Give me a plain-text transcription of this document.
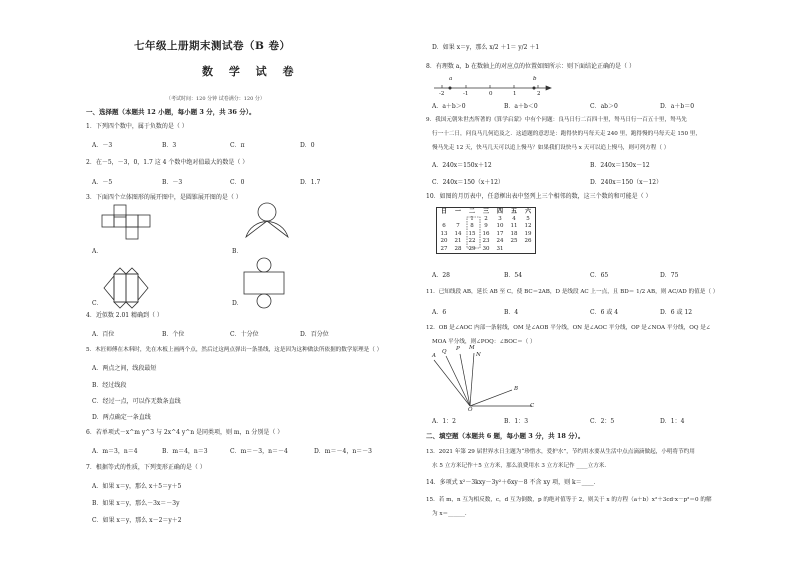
七年级上册期末测试卷（B 卷）
数 学 试 卷
（考试时间：120 分钟 试卷满分：120 分）
一、选择题（本题共 12 小题，每小题 3 分，共 36 分）。
1．下列四个数中，属于负数的是（ ）
A．－3	B．3	C．π	D．0
2．在－5，－3，0，1.7 这 4 个数中绝对值最大的数是（ ）
A．－5	B．－3	C．0	D．1.7
3．下面四个立体图形的展开图中，是圆锥展开图的是（ ）
A．	B．
C．	D．
4．近似数 2.01 精确到（ ）
A．百位	B．个位	C．十分位	D．百分位
5．木匠师傅在木料时，先在木板上画两个点，然后过这两点弹出一条墨线，这是因为这种做法所依据的数学原理是（ ）
A．两点之间，线段最短
B．经过线段
C．经过一点，可以作无数条直线
D．两点确定一条直线
6．若单项式－x^m y^3 与 2x^4 y^n 是同类项，则 m，n 分别是（ ）
A．m＝3，n＝4	B．m＝4，n＝3	C．m＝－3，n＝－4	D．m＝－4，n＝－3
7．根据等式的性质，下列变形正确的是（ ）
A．如果 x＝y，那么 x＋5＝y＋5
B．如果 x＝y，那么－3x＝－3y
C．如果 x＝y，那么 x－2＝y＋2
D．如果 x＝y，那么 x/2 ＋1＝ y/2 ＋1
8．有理数 a，b 在数轴上的对应点的位置如图所示：则下面结论正确的是（ ）
a	b
-2	-1	0	1	2
A．a＋b＞0	B．a＋b＜0	C．ab＞0	D．a＋b＝0
9．我国元朝朱世杰所著的《算学启蒙》中有个问题：良马日行二百四十里，驽马日行一百五十里，驽马先
行一十二日，问良马几何追及之．这道题的意思是：跑得快的马每天走 240 里，跑得慢的马每天走 150 里，
慢马先走 12 天，快马几天可以追上慢马？如果我们设快马 x 天可以追上慢马，则可列方程（ ）
A．240x＝150x＋12	B．240x＝150x－12
C．240x＝150（x＋12）	D．240x＝150（x－12）
10．如图的月历表中，任意框出表中竖列上三个相邻的数，这三个数的和可能是（ ）
日	一	二	三	四	五	六
		1	2	3	4	5
6	7	8	9	10	11	12
13	14	15	16	17	18	19
20	21	22	23	24	25	26
27	28	29	30	31		
A．28	B．54	C．65	D．75
11．已知线段 AB，延长 AB 至 C，使 BC＝2AB，D 是线段 AC 上一点，且 BD＝ 1/2 AB，则 AC/AD 的值是（ ）
A．6	B．4	C．6 或 4	D．6 或 12
12．OB 是∠AOC 内部一条射线，OM 是∠AOB 平分线，ON 是∠AOC 平分线，OP 是∠NOA 平分线，OQ 是∠
MOA 平分线，则∠POQ：∠BOC＝（ ）
A
Q P M
N
B
O
C
A．1：2	B．1：3	C．2：5	D．1：4
二、填空题（本题共 6 题，每小题 3 分，共 18 分）。
13．2021 年第 29 届世界水日主题为“珍惜水，爱护水”，节约用水要从生活中点点滴滴做起，小明将节约用
水 5 立方米记作＋5 立方米，那么浪费用水 3 立方米记作 ____立方米．
14．多项式 x²－3kxy－3y²＋6xy－8 不含 xy 项，则 k＝____．
15．若 m，n 互为相反数，c，d 互为倒数，p 的绝对值等于 2，则关于 x 的方程（a＋b）x²＋3cd·x－p²＝0 的解
为 x＝______．
